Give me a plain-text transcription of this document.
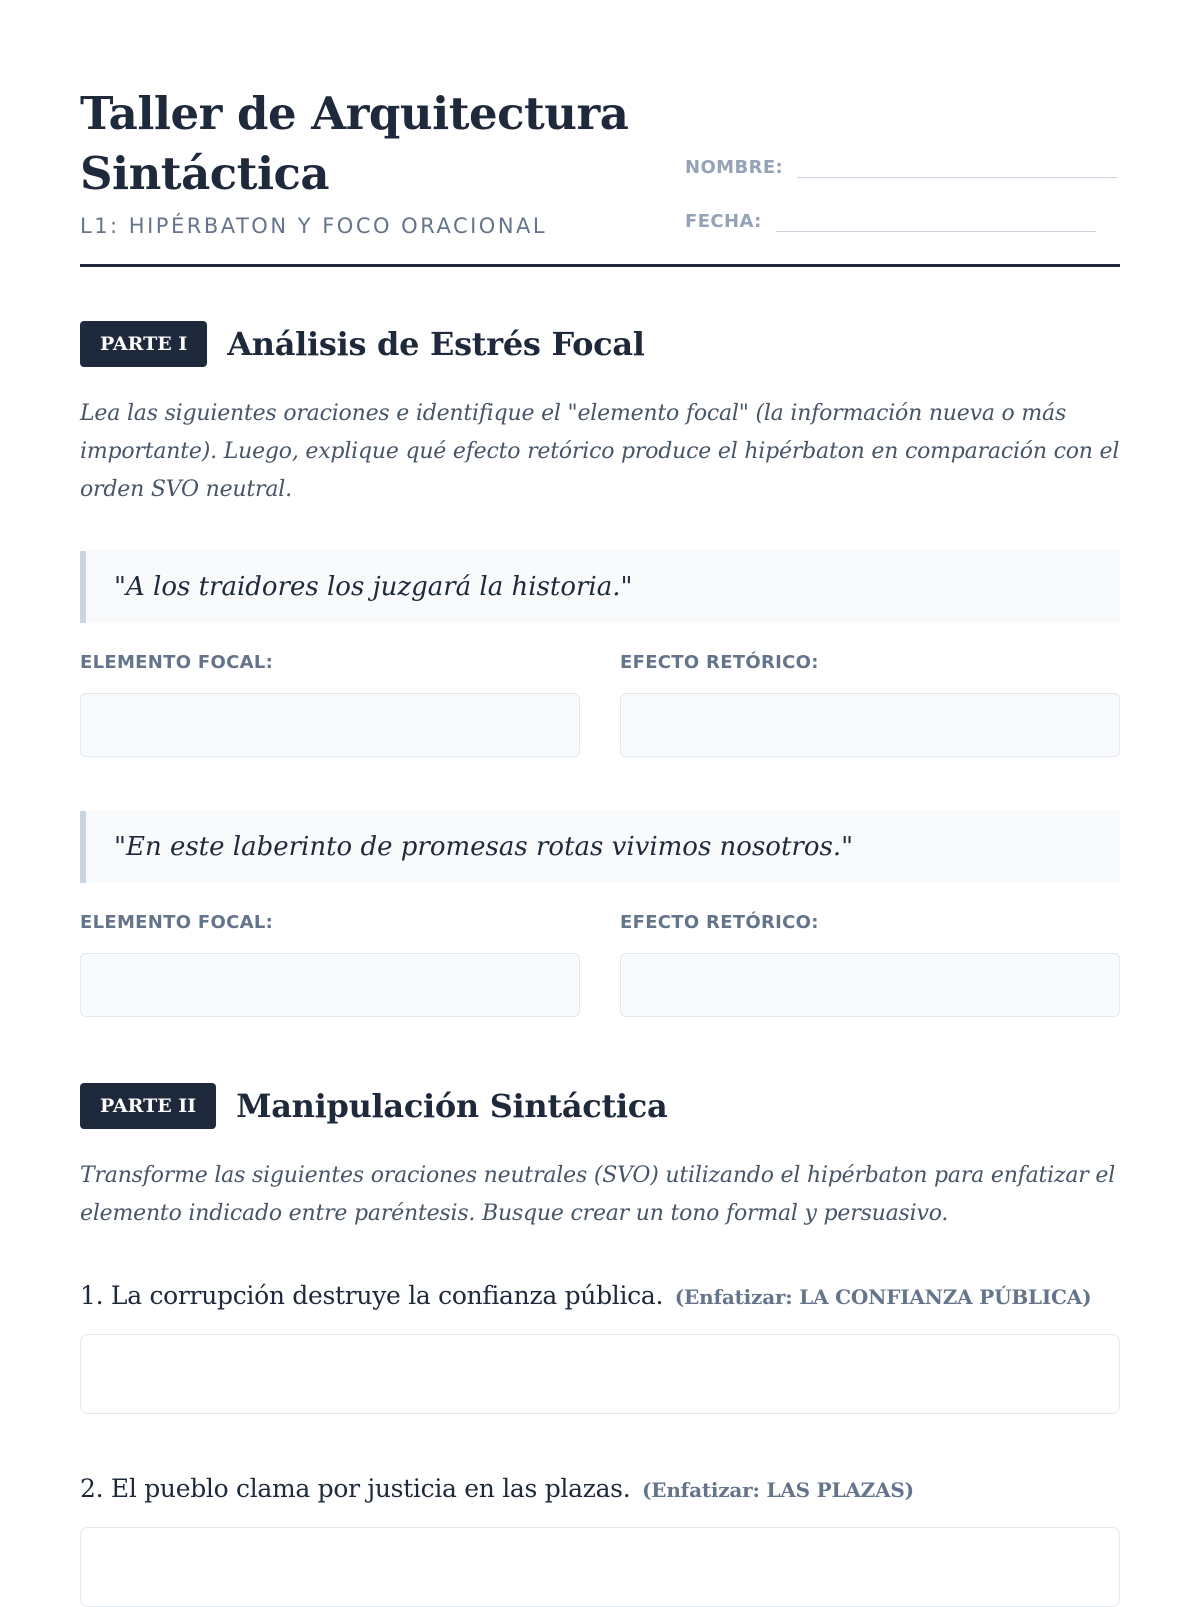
Taller de Arquitectura
Sintáctica
L1: HIPÉRBATON Y FOCO ORACIONAL
NOMBRE:
FECHA:
PARTE I	Análisis de Estrés Focal

Lea las siguientes oraciones e identifique el "elemento focal" (la información nueva o más importante). Luego, explique qué efecto retórico produce el hipérbaton en comparación con el orden SVO neutral.

"A los traidores los juzgará la historia."
ELEMENTO FOCAL:	EFECTO RETÓRICO:
"En este laberinto de promesas rotas vivimos nosotros."
ELEMENTO FOCAL:	EFECTO RETÓRICO:
PARTE II	Manipulación Sintáctica

Transforme las siguientes oraciones neutrales (SVO) utilizando el hipérbaton para enfatizar el elemento indicado entre paréntesis. Busque crear un tono formal y persuasivo.

1. La corrupción destruye la confianza pública. (Enfatizar: LA CONFIANZA PÚBLICA)
2. El pueblo clama por justicia en las plazas. (Enfatizar: LAS PLAZAS)
